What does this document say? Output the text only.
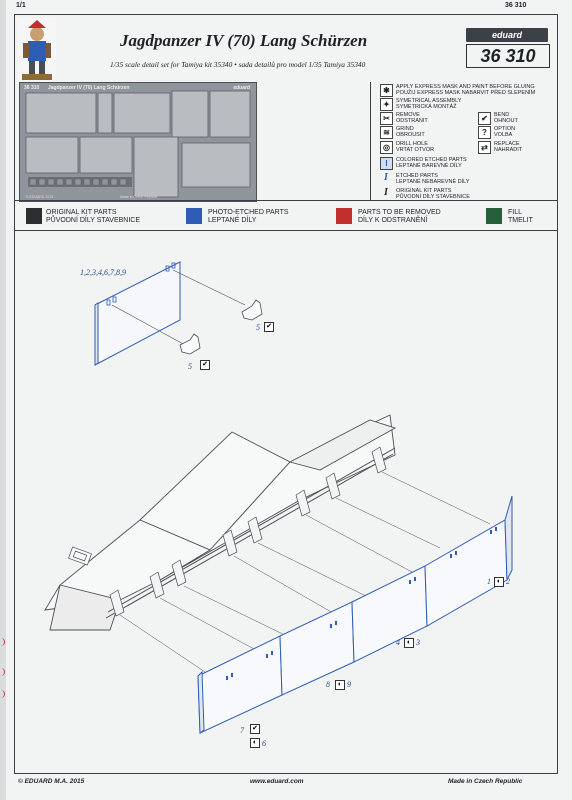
1/1	36 310
Jagdpanzer IV (70) Lang Schürzen
1/35 scale detail set for Tamiya kit 35340 • sada detailů pro model 1/35 Tamiya 35340
eduard
36 310
36 310 Jagdpanzer IV (70) Lang Schürzen	eduard
© EDUARD 2015	Made in Czech Republic
✱	APPLY EXPRESS MASK AND PAINT BEFORE GLUING
POUŽIJ EXPRESS MASK NABARVIT PŘED SLEPENÍM
✦	SYMETRICAL ASSEMBLY
SYMETRICKÁ MONTÁŽ
✂	REMOVE
ODSTRANIT	✔	BEND
OHNOUT
≋	GRIND
OBROUSIT	?	OPTION
VOLBA
◎	DRILL HOLE
VRTAT OTVOR	⇄	REPLACE
NAHRADIT
I	COLORED ETCHED PARTS
LEPTANÉ BAREVNÉ DÍLY
I ETCHED PARTS
LEPTANÉ NEBAREVNÉ DÍLY
I ORIGINAL KIT PARTS
PŮVODNÍ DÍLY STAVEBNICE
ORIGINAL KIT PARTS
PŮVODNÍ DÍLY STAVEBNICE
PHOTO-ETCHED PARTS
LEPTANÉ DÍLY
PARTS TO BE REMOVED
DÍLY K ODSTRANĚNÍ
FILL
TMELIT
1,2,3,4,6,7,8,9
5 ✔
5 ✔
1 ◐ 2
4 ◐ 3
8	◐ 9
7 ✔
◐ 6
© EDUARD M.A. 2015	www.eduard.com	Made in Czech Republic
